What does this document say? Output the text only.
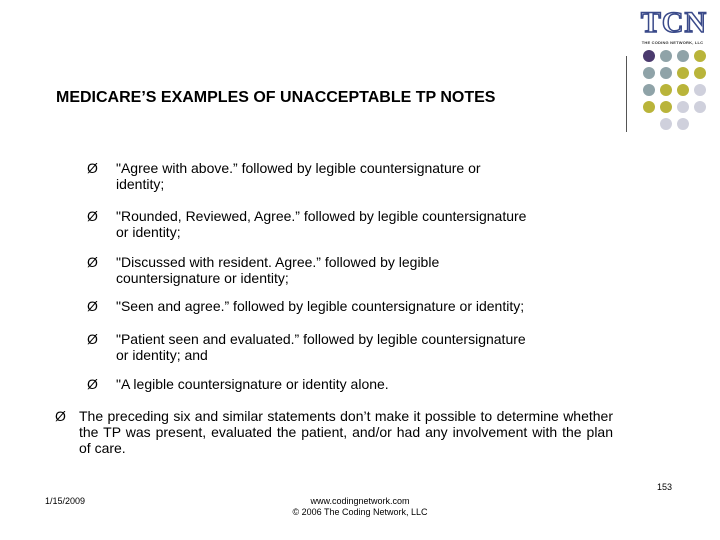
TCN
THE CODING NETWORK, LLC
MEDICARE’S EXAMPLES OF UNACCEPTABLE TP NOTES
Ø	"Agree with above.” followed by legible countersignature or
identity;
Ø	"Rounded, Reviewed, Agree.” followed by legible countersignature
or identity;
Ø	"Discussed with resident. Agree.” followed by legible
countersignature or identity;
Ø	"Seen and agree.” followed by legible countersignature or identity;
Ø	"Patient seen and evaluated.” followed by legible countersignature
or identity; and
Ø	"A legible countersignature or identity alone.
Ø The preceding six and similar statements don’t make it possible to determine whether the TP was present, evaluated the patient, and/or had any involvement with the plan of care.
153
1/15/2009	www.codingnetwork.com
© 2006 The Coding Network, LLC
